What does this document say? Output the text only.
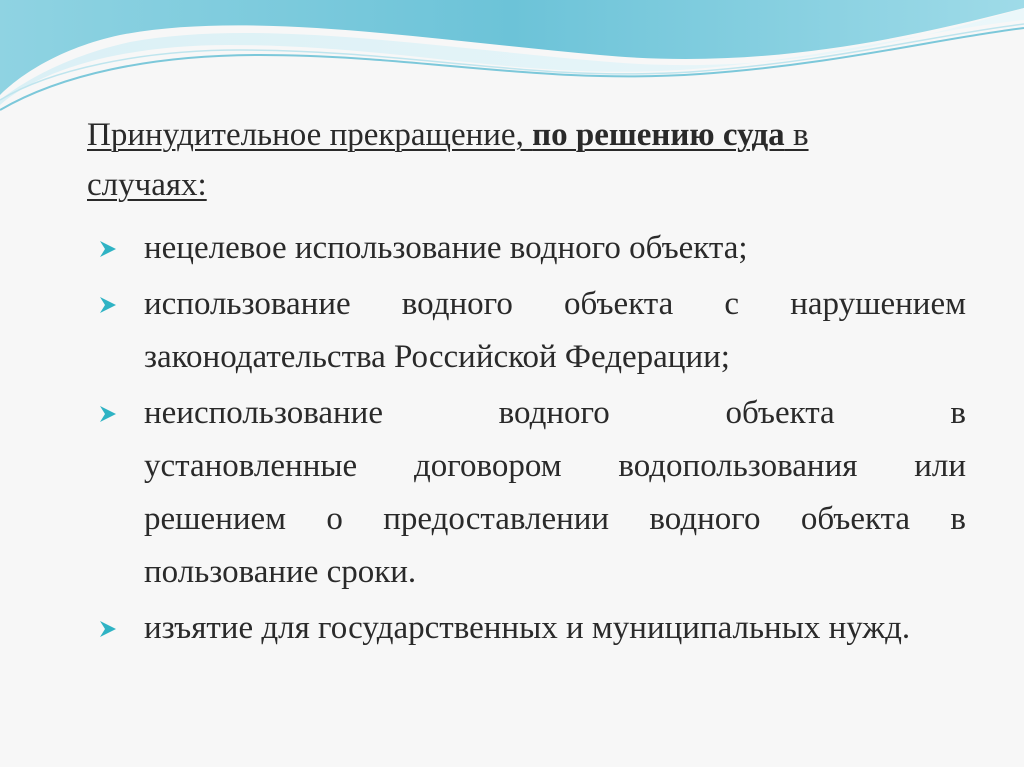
Принудительное прекращение, по решению суда в случаях:
нецелевое использование водного объекта;
использование водного объекта с нарушением законодательства Российской Федерации;
неиспользование водного объекта в
установленные договором водопользования или решением о предоставлении водного объекта в пользование сроки.
изъятие для государственных и муниципальных нужд.
